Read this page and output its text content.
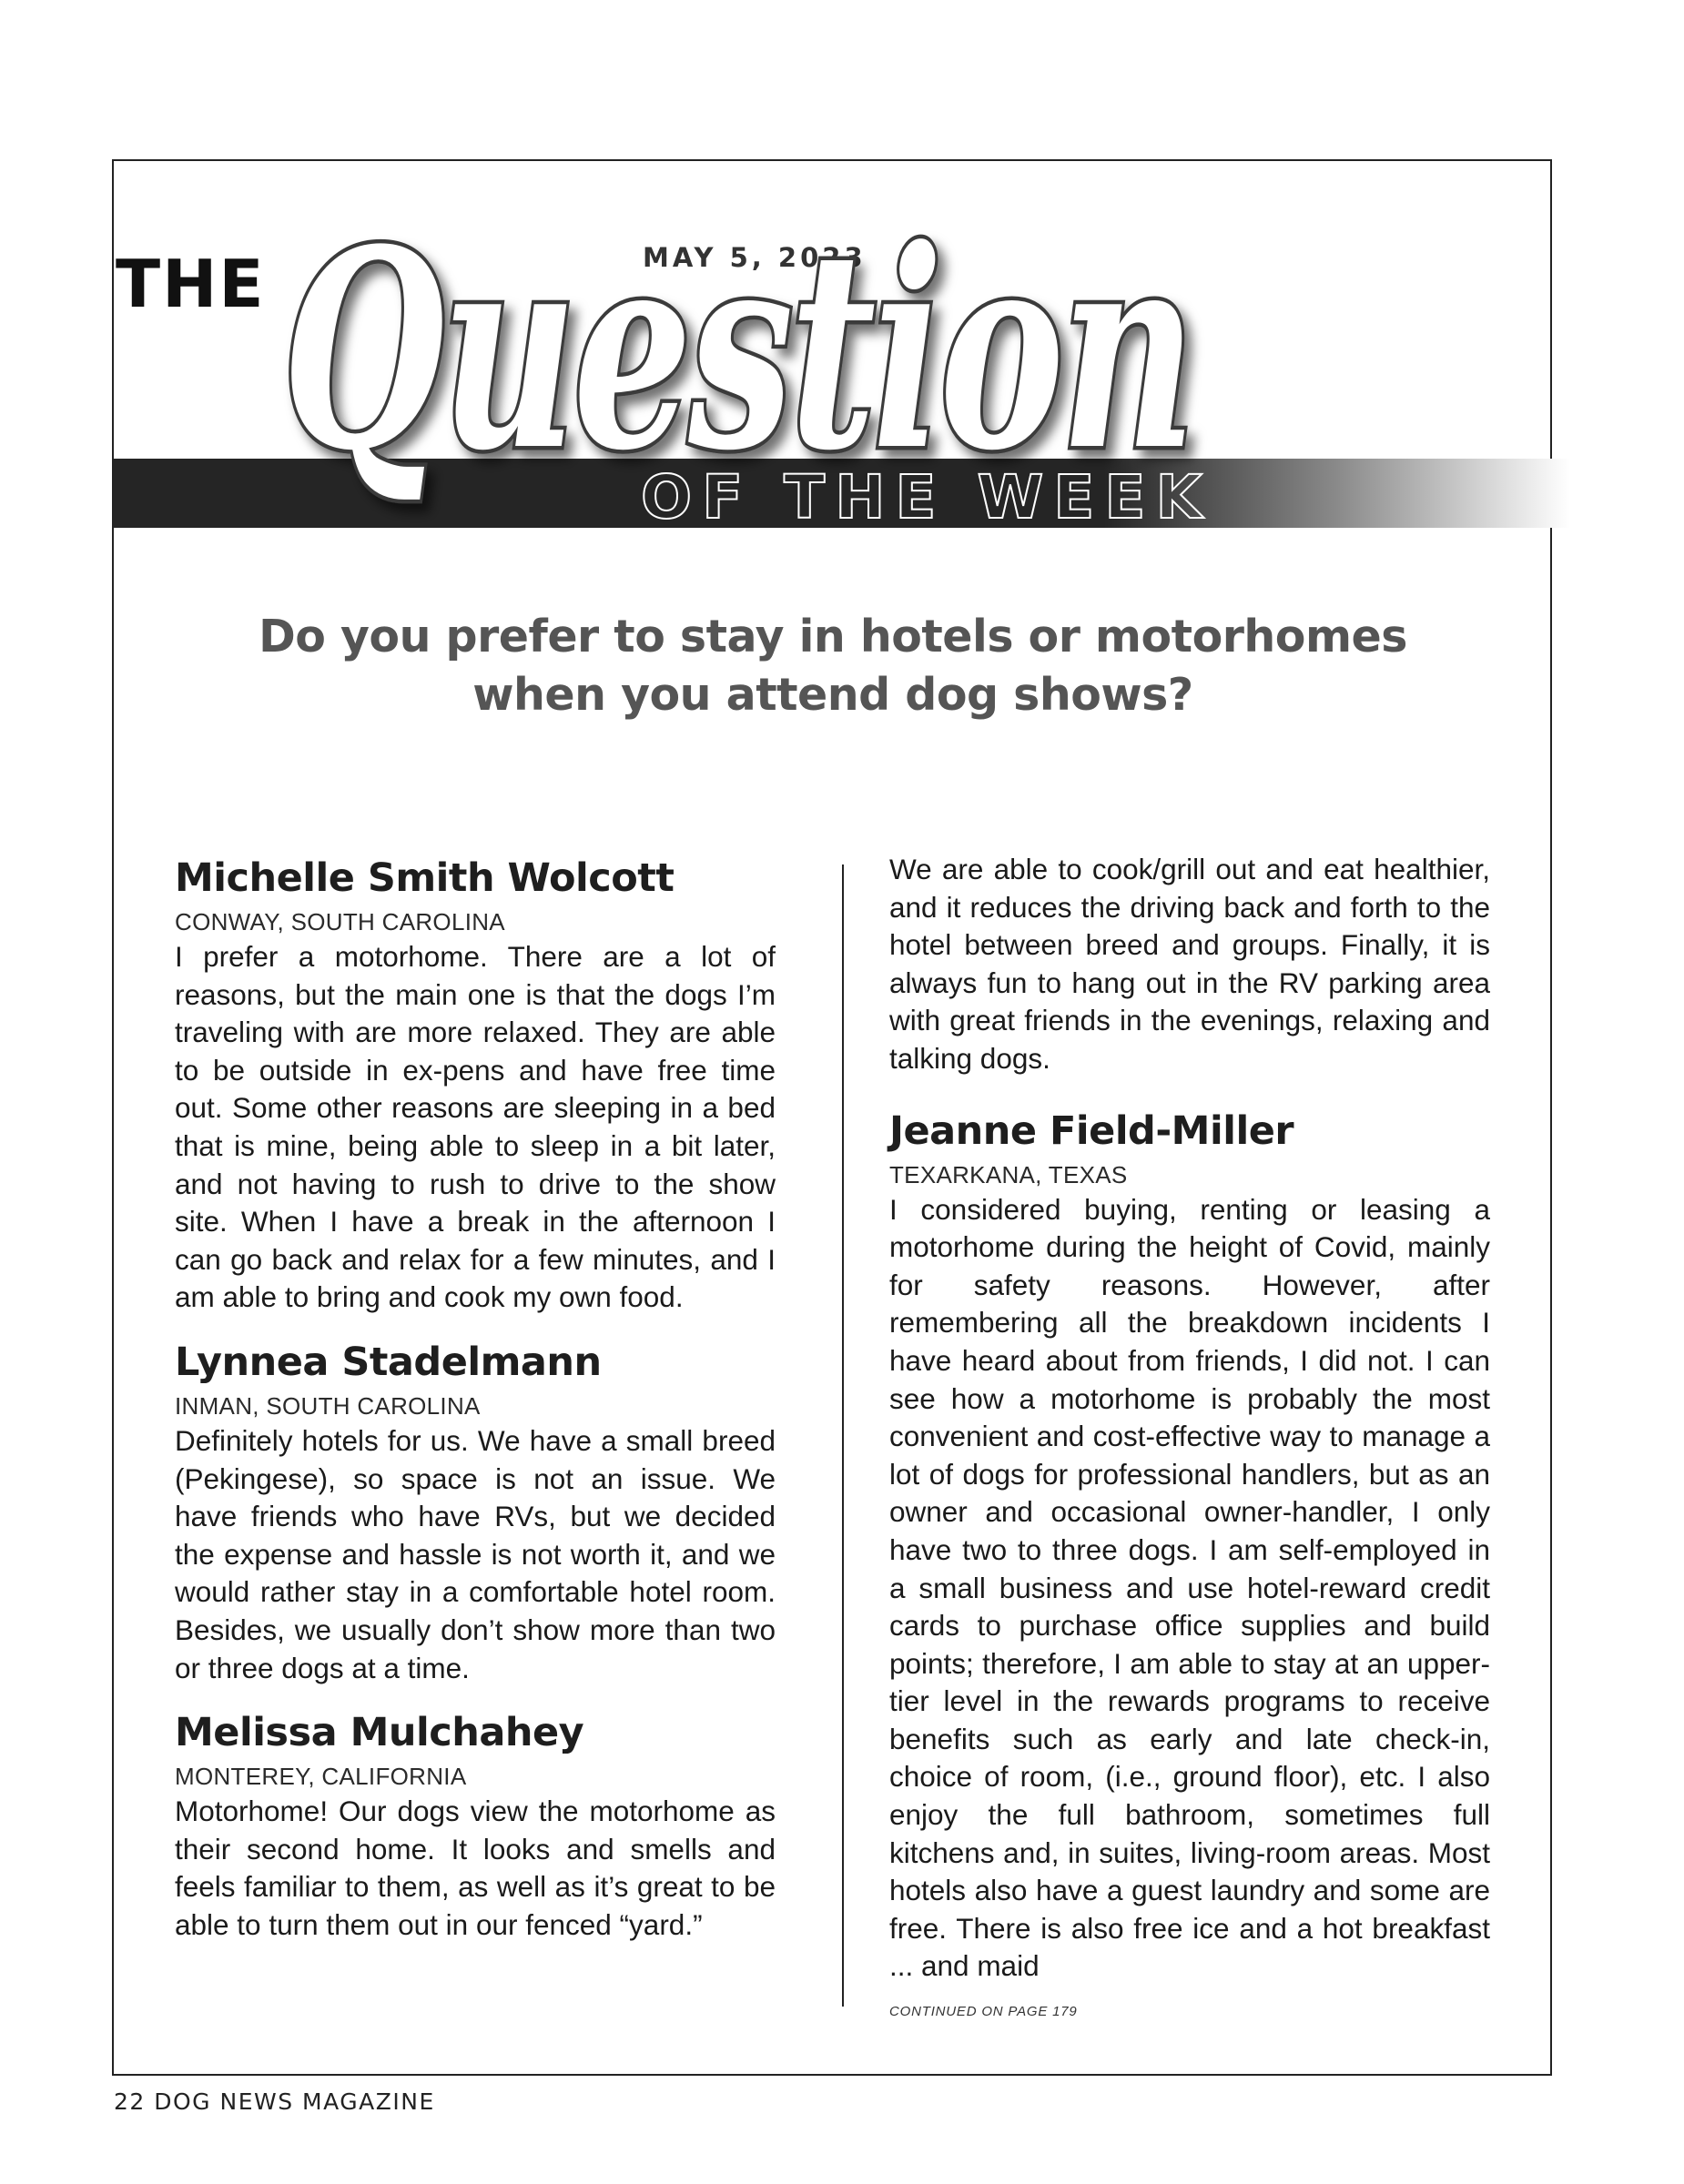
THE	MAY 5, 2023
Question
OF THE WEEK
Do you prefer to stay in hotels or motorhomes
when you attend dog shows?
Michelle Smith Wolcott
CONWAY, SOUTH CAROLINA
I prefer a motorhome. There are a lot of reasons, but the main one is that the dogs I’m traveling with are more relaxed. They are able to be outside in ex-pens and have free time out. Some other reasons are sleeping in a bed that is mine, being able to sleep in a bit later, and not having to rush to drive to the show site. When I have a break in the afternoon I can go back and relax for a few minutes, and I am able to bring and cook my own food.
Lynnea Stadelmann
INMAN, SOUTH CAROLINA
Definitely hotels for us. We have a small breed (Pekingese), so space is not an issue. We have friends who have RVs, but we decided the expense and hassle is not worth it, and we would rather stay in a comfortable hotel room. Besides, we usually don’t show more than two or three dogs at a time.
Melissa Mulchahey
MONTEREY, CALIFORNIA
Motorhome! Our dogs view the motorhome as their second home. It looks and smells and feels familiar to them, as well as it’s great to be able to turn them out in our fenced “yard.”
We are able to cook/grill out and eat healthier, and it reduces the driving back and forth to the hotel between breed and groups. Finally, it is always fun to hang out in the RV parking area with great friends in the evenings, relaxing and talking dogs.
Jeanne Field-Miller
TEXARKANA, TEXAS
I considered buying, renting or leasing a motorhome during the height of Covid, mainly for safety reasons. However, after remembering all the breakdown incidents I have heard about from friends, I did not. I can see how a motorhome is probably the most convenient and cost-effective way to manage a lot of dogs for professional handlers, but as an owner and occasional owner-handler, I only have two to three dogs. I am self-employed in a small business and use hotel-reward credit cards to purchase office supplies and build points; therefore, I am able to stay at an upper-tier level in the rewards programs to receive benefits such as early and late check-in, choice of room, (i.e., ground floor), etc. I also enjoy the full bathroom, sometimes full kitchens and, in suites, living-room areas. Most hotels also have a guest laundry and some are free. There is also free ice and a hot breakfast ... and maid
CONTINUED ON PAGE 179
22 DOG NEWS MAGAZINE
